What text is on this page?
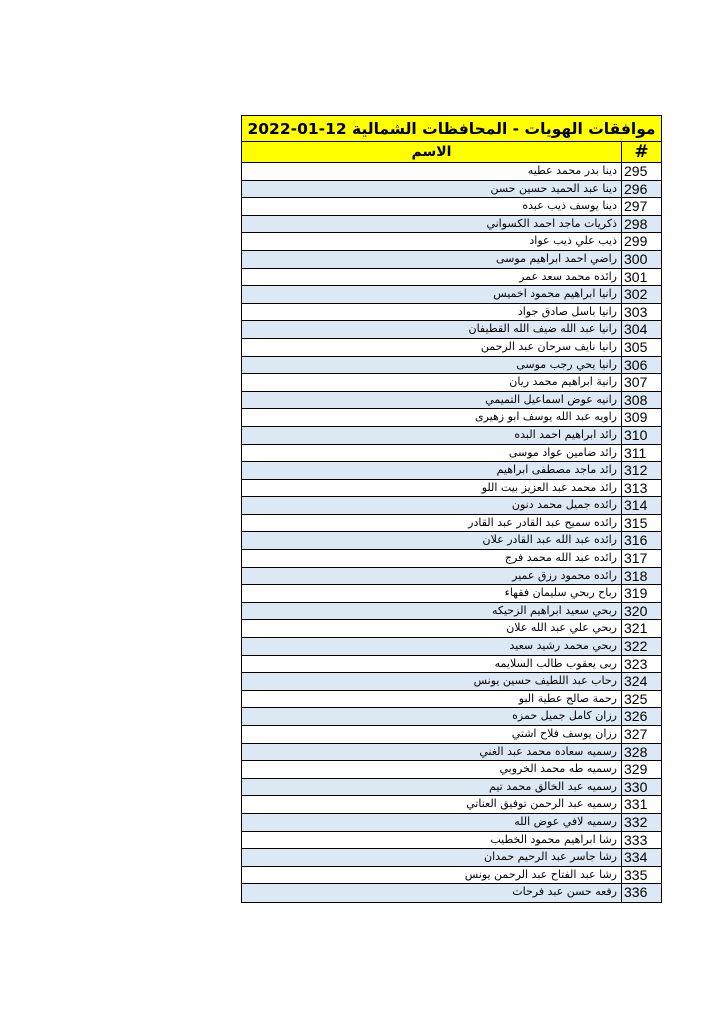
موافقات الهويات - المحافظات الشمالية 12-01-2022
#
الاسم
295
دينا بدر محمد عطيه
296
دينا عبد الحميد حسين حسن
297
دينا يوسف ذيب عبده
298
ذكريات ماجد احمد الكسواني
299
ذيب علي ذيب عواد
300
راضي احمد ابراهيم موسى
301
رائده محمد سعد عمر
302
رانيا ابراهيم محمود اخميس
303
رانيا باسل صادق جواد
304
رانيا عبد الله ضيف الله القطيفان
305
رانيا نايف سرحان عبد الرحمن
306
رانيا يحي رجب موسى
307
رانية ابراهيم محمد ريان
308
رانيه عوض اسماعيل التميمي
309
راويه عبد الله يوسف ابو زهيرى
310
رائد ابراهيم احمد البده
311
رائد ضامين عواد موسى
312
رائد ماجد مصطفى ابراهيم
313
رائد محمد عبد العزيز بيت اللو
314
رائده جميل محمد دنون
315
رائده سميح عبد القادر عبد القادر
316
رائده عبد الله عبد القادر علان
317
رائده عبد الله محمد فرج
318
رائده محمود رزق عمير
319
رباح ربحي سليمان فقهاء
320
ربحي سعيد ابراهيم الزحيكه
321
ربحي علي عبد الله علان
322
ربحي محمد رشيد سعيد
323
ربى يعقوب طالب السلايمه
324
رحاب عبد اللطيف حسين يونس
325
رحمة صالح عطية البو
326
رزان كامل جميل حمزه
327
رزان يوسف فلاح اشتي
328
رسميه سعاده محمد عبد الغني
329
رسميه طه محمد الخروبي
330
رسميه عبد الخالق محمد تيم
331
رسميه عبد الرحمن توفيق العناتي
332
رسميه لافي عوض الله
333
رشا ابراهيم محمود الخطيب
334
رشا جاسر عبد الرحيم حمدان
335
رشا عبد الفتاح عبد الرحمن يونس
336
رفعه حسن عبد فرحات
